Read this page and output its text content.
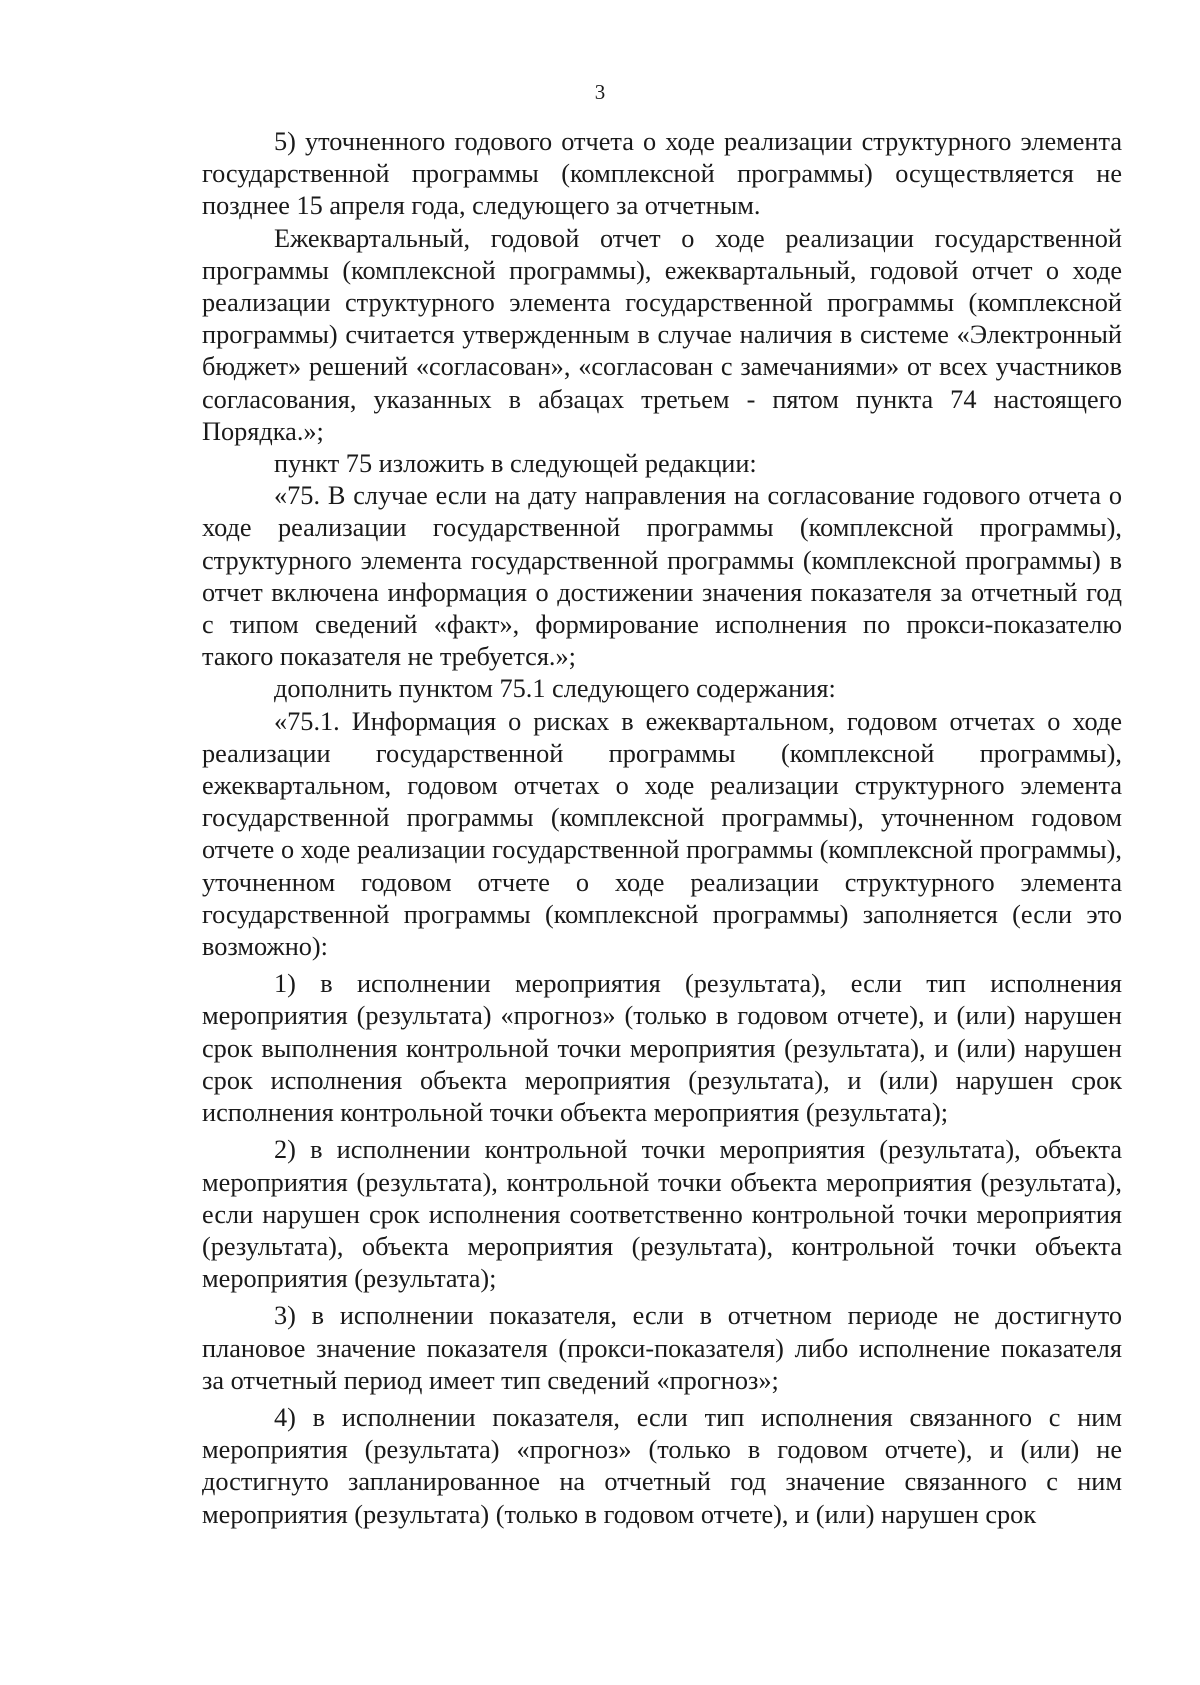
3

5) уточненного годового отчета о ходе реализации структурного элемента государственной программы (комплексной программы) осуществляется не позднее 15 апреля года, следующего за отчетным.

Ежеквартальный, годовой отчет о ходе реализации государственной программы (комплексной программы), ежеквартальный, годовой отчет о ходе реализации структурного элемента государственной программы (комплексной программы) считается утвержденным в случае наличия в системе «Электронный бюджет» решений «согласован», «согласован с замечаниями» от всех участников согласования, указанных в абзацах третьем - пятом пункта 74 настоящего Порядка.»;

пункт 75 изложить в следующей редакции:

«75. В случае если на дату направления на согласование годового отчета о ходе реализации государственной программы (комплексной программы), структурного элемента государственной программы (комплексной программы) в отчет включена информация о достижении значения показателя за отчетный год с типом сведений «факт», формирование исполнения по прокси-показателю такого показателя не требуется.»;

дополнить пунктом 75.1 следующего содержания:

«75.1. Информация о рисках в ежеквартальном, годовом отчетах о ходе реализации государственной программы (комплексной программы), ежеквартальном, годовом отчетах о ходе реализации структурного элемента государственной программы (комплексной программы), уточненном годовом отчете о ходе реализации государственной программы (комплексной программы), уточненном годовом отчете о ходе реализации структурного элемента государственной программы (комплексной программы) заполняется (если это возможно):

1) в исполнении мероприятия (результата), если тип исполнения мероприятия (результата) «прогноз» (только в годовом отчете), и (или) нарушен срок выполнения контрольной точки мероприятия (результата), и (или) нарушен срок исполнения объекта мероприятия (результата), и (или) нарушен срок исполнения контрольной точки объекта мероприятия (результата);

2) в исполнении контрольной точки мероприятия (результата), объекта мероприятия (результата), контрольной точки объекта мероприятия (результата), если нарушен срок исполнения соответственно контрольной точки мероприятия (результата), объекта мероприятия (результата), контрольной точки объекта мероприятия (результата);

3) в исполнении показателя, если в отчетном периоде не достигнуто плановое значение показателя (прокси-показателя) либо исполнение показателя за отчетный период имеет тип сведений «прогноз»;

4) в исполнении показателя, если тип исполнения связанного с ним мероприятия (результата) «прогноз» (только в годовом отчете), и (или) не достигнуто запланированное на отчетный год значение связанного с ним мероприятия (результата) (только в годовом отчете), и (или) нарушен срок
